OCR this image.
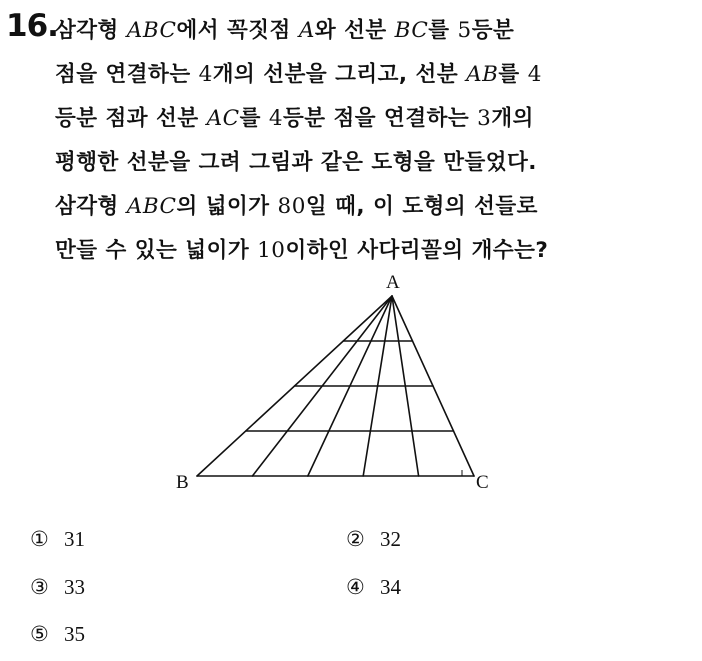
16.
삼각형 ABC에서 꼭짓점 A와 선분 BC를 5등분
점을 연결하는 4개의 선분을 그리고, 선분 AB를 4
등분 점과 선분 AC를 4등분 점을 연결하는 3개의
평행한 선분을 그려 그림과 같은 도형을 만들었다.
삼각형 ABC의 넓이가 80일 때, 이 도형의 선들로
만들 수 있는 넓이가 10이하인 사다리꼴의 개수는?
A
B	C
① 31	② 32
③ 33	④ 34
⑤ 35
